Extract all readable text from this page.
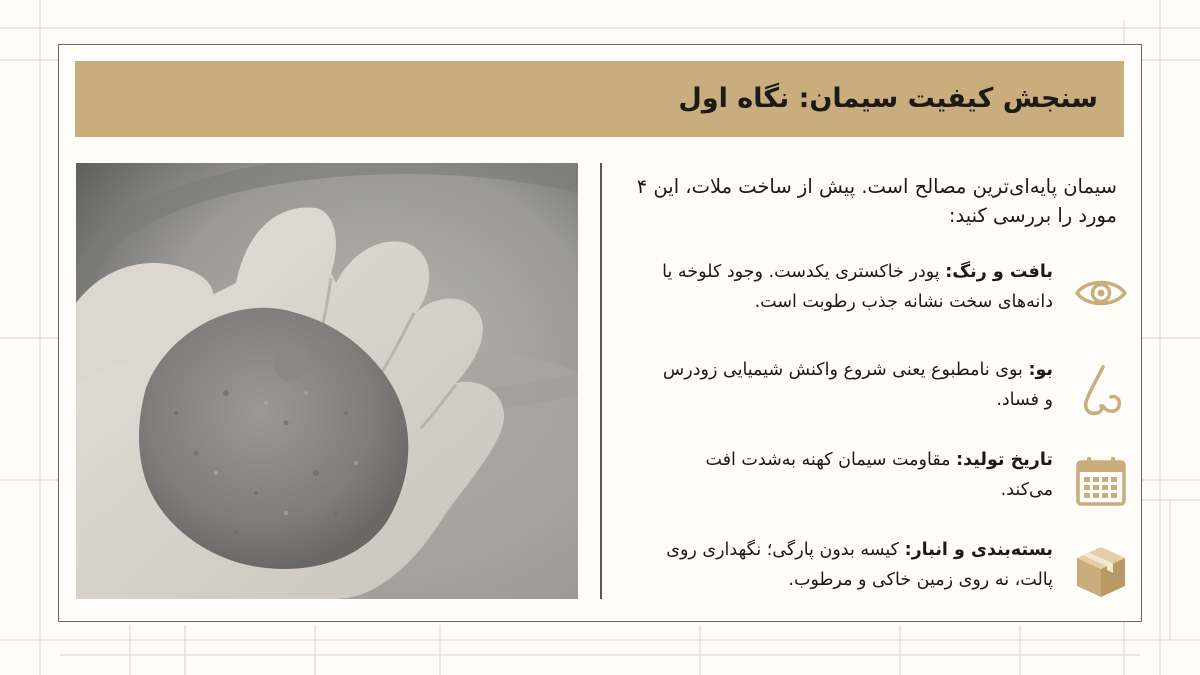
سنجش کیفیت سیمان: نگاه اول

سیمان پایه‌ای‌ترین مصالح است. پیش از ساخت ملات، این ۴ مورد را بررسی کنید:

بافت و رنگ: پودر خاکستری یکدست. وجود کلوخه یا دانه‌های سخت نشانه جذب رطوبت است.

بو: بوی نامطبوع یعنی شروع واکنش شیمیایی زودرس و فساد.

تاریخ تولید: مقاومت سیمان کهنه به‌شدت افت می‌کند.

بسته‌بندی و انبار: کیسه بدون پارگی؛ نگهداری روی پالت، نه روی زمین خاکی و مرطوب.
